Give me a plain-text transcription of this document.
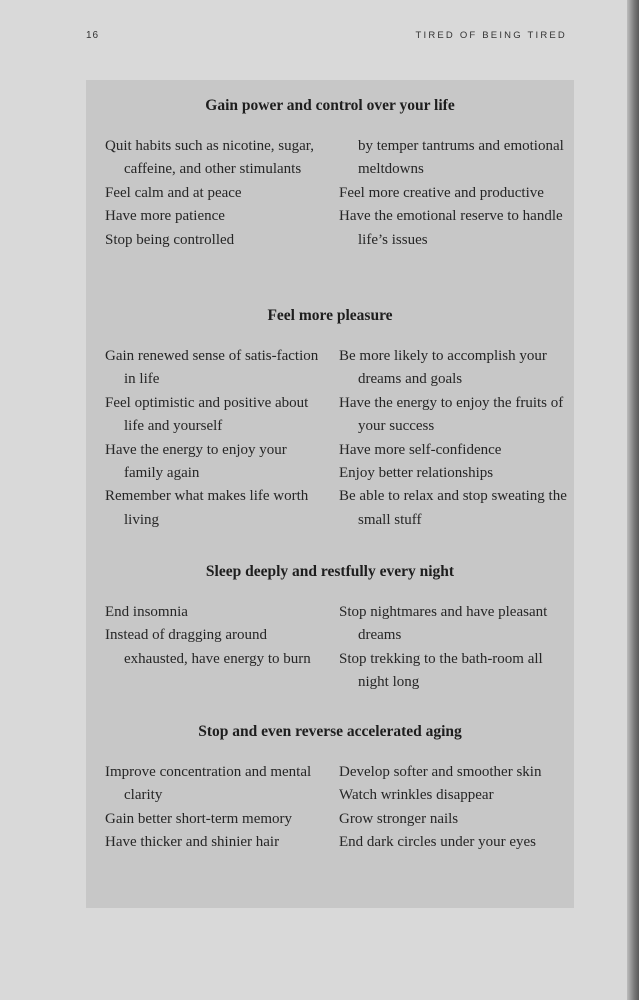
16	TIRED OF BEING TIRED
Gain power and control over your life

Quit habits such as nicotine, sugar, caffeine, and other stimulants

Feel calm and at peace

Have more patience

Stop being controlled

by temper tantrums and emotional meltdowns

Feel more creative and productive

Have the emotional reserve to handle life’s issues

Feel more pleasure

Gain renewed sense of satis-faction in life

Feel optimistic and positive about life and yourself

Have the energy to enjoy your family again

Remember what makes life worth living

Be more likely to accomplish your dreams and goals

Have the energy to enjoy the fruits of your success

Have more self-confidence

Enjoy better relationships

Be able to relax and stop sweating the small stuff

Sleep deeply and restfully every night

End insomnia

Instead of dragging around exhausted, have energy to burn

Stop nightmares and have pleasant dreams

Stop trekking to the bath-room all night long

Stop and even reverse accelerated aging

Improve concentration and mental clarity

Gain better short-term memory

Have thicker and shinier hair

Develop softer and smoother skin

Watch wrinkles disappear

Grow stronger nails

End dark circles under your eyes
